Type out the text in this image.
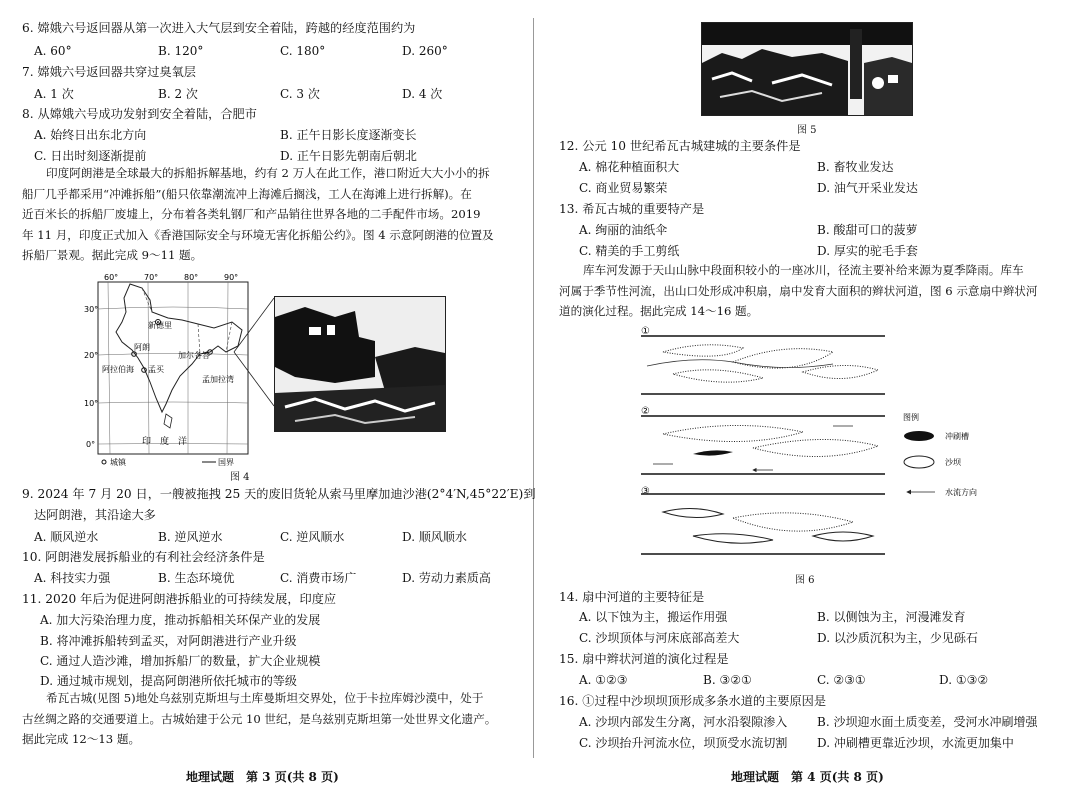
6. 嫦娥六号返回器从第一次进入大气层到安全着陆，跨越的经度范围约为
A. 60°	B. 120°	C. 180°	D. 260°
7. 嫦娥六号返回器共穿过臭氧层
A. 1 次	B. 2 次	C. 3 次	D. 4 次
8. 从嫦娥六号成功发射到安全着陆，合肥市
A. 始终日出东北方向	B. 正午日影长度逐渐变长
C. 日出时刻逐渐提前	D. 正午日影先朝南后朝北
印度阿朗港是全球最大的拆船拆解基地，约有 2 万人在此工作，港口附近大大小小的拆
船厂几乎都采用“冲滩拆船”(船只依靠潮流冲上海滩后搁浅，工人在海滩上进行拆解)。在
近百米长的拆船厂废墟上，分布着各类轧钢厂和产品销往世界各地的二手配件市场。2019
年 11 月，印度正式加入《香港国际安全与环境无害化拆船公约》。图 4 示意阿朗港的位置及
拆船厂景观。据此完成 9～11 题。
60°	70°	80°	90°
30°
20°
10°
0°
新德里
阿朗
加尔各答
阿拉伯海 孟买
孟加拉湾
印　度　洋
城镇	国界
图 4
9. 2024 年 7 月 20 日，一艘被拖拽 25 天的废旧货轮从索马里摩加迪沙港(2°4′N,45°22′E)到
达阿朗港，其沿途大多
A. 顺风逆水	B. 逆风逆水	C. 逆风顺水	D. 顺风顺水
10. 阿朗港发展拆船业的有利社会经济条件是
A. 科技实力强	B. 生态环境优	C. 消费市场广	D. 劳动力素质高
11. 2020 年后为促进阿朗港拆船业的可持续发展，印度应
A. 加大污染治理力度，推动拆船相关环保产业的发展
B. 将冲滩拆船转到孟买，对阿朗港进行产业升级
C. 通过人造沙滩，增加拆船厂的数量，扩大企业规模
D. 通过城市规划，提高阿朗港所依托城市的等级
希瓦古城(见图 5)地处乌兹别克斯坦与土库曼斯坦交界处，位于卡拉库姆沙漠中，处于
古丝绸之路的交通要道上。古城始建于公元 10 世纪，是乌兹别克斯坦第一处世界文化遗产。
据此完成 12～13 题。
地理试题　第 3 页(共 8 页)
图 5
12. 公元 10 世纪希瓦古城建城的主要条件是
A. 棉花种植面积大	B. 畜牧业发达
C. 商业贸易繁荣	D. 油气开采业发达
13. 希瓦古城的重要特产是
A. 绚丽的油纸伞	B. 酸甜可口的菠萝
C. 精美的手工剪纸	D. 厚实的驼毛手套
库车河发源于天山山脉中段面积较小的一座冰川，径流主要补给来源为夏季降雨。库车
河属于季节性河流，出山口处形成冲积扇，扇中发育大面积的辫状河道，图 6 示意扇中辫状河
道的演化过程。据此完成 14～16 题。
①
②
③
图例
冲刷槽
沙坝
水流方向
图 6
14. 扇中河道的主要特征是
A. 以下蚀为主，搬运作用强	B. 以侧蚀为主，河漫滩发育
C. 沙坝顶体与河床底部高差大	D. 以沙质沉积为主，少见砾石
15. 扇中辫状河道的演化过程是
A. ①②③	B. ③②①	C. ②③①	D. ①③②
16. ①过程中沙坝坝顶形成多条水道的主要原因是
A. 沙坝内部发生分离，河水沿裂隙渗入 B. 沙坝迎水面土质变差，受河水冲刷增强
C. 沙坝抬升河流水位，坝顶受水流切割 D. 冲刷槽更靠近沙坝，水流更加集中
地理试题　第 4 页(共 8 页)
